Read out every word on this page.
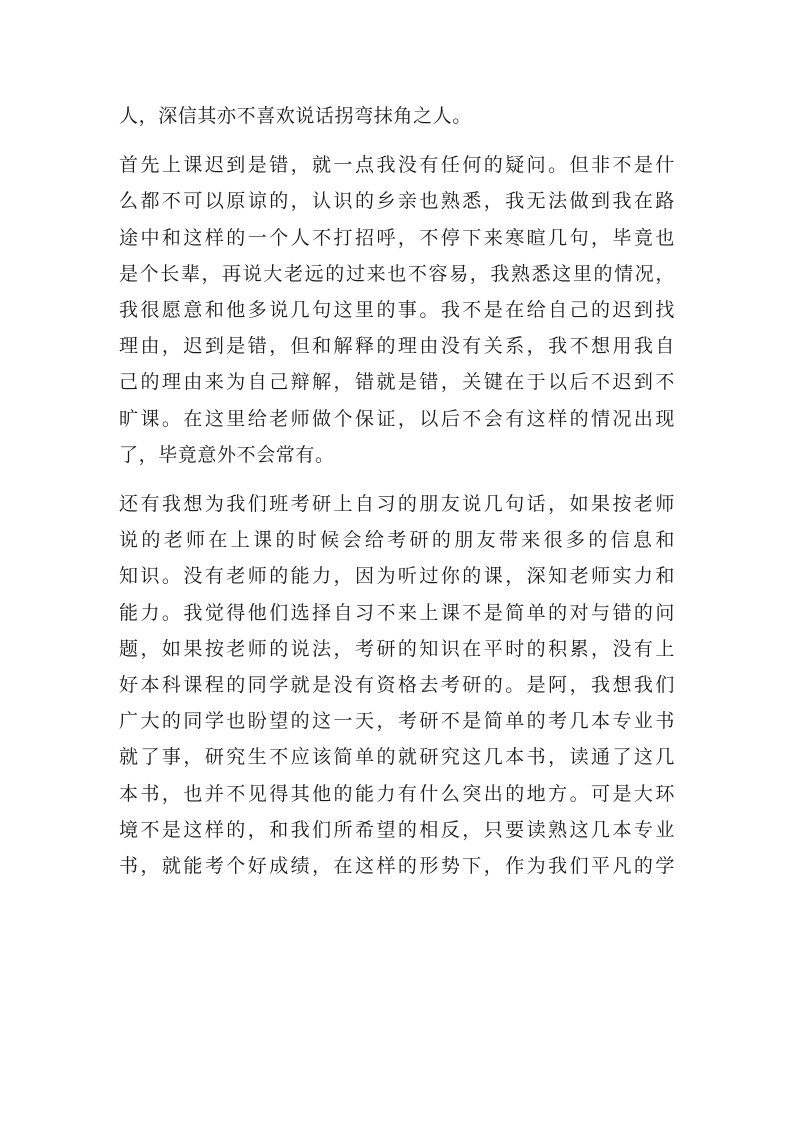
人，深信其亦不喜欢说话拐弯抹角之人。

首先上课迟到是错，就一点我没有任何的疑问。但非不是什
么都不可以原谅的，认识的乡亲也熟悉，我无法做到我在路
途中和这样的一个人不打招呼，不停下来寒暄几句，毕竟也
是个长辈，再说大老远的过来也不容易，我熟悉这里的情况，
我很愿意和他多说几句这里的事。我不是在给自己的迟到找
理由，迟到是错，但和解释的理由没有关系，我不想用我自
己的理由来为自己辩解，错就是错，关键在于以后不迟到不
旷课。在这里给老师做个保证，以后不会有这样的情况出现
了，毕竟意外不会常有。

还有我想为我们班考研上自习的朋友说几句话，如果按老师
说的老师在上课的时候会给考研的朋友带来很多的信息和
知识。没有老师的能力，因为听过你的课，深知老师实力和
能力。我觉得他们选择自习不来上课不是简单的对与错的问
题，如果按老师的说法，考研的知识在平时的积累，没有上
好本科课程的同学就是没有资格去考研的。是阿，我想我们
广大的同学也盼望的这一天，考研不是简单的考几本专业书
就了事，研究生不应该简单的就研究这几本书，读通了这几
本书，也并不见得其他的能力有什么突出的地方。可是大环
境不是这样的，和我们所希望的相反，只要读熟这几本专业
书，就能考个好成绩，在这样的形势下，作为我们平凡的学
